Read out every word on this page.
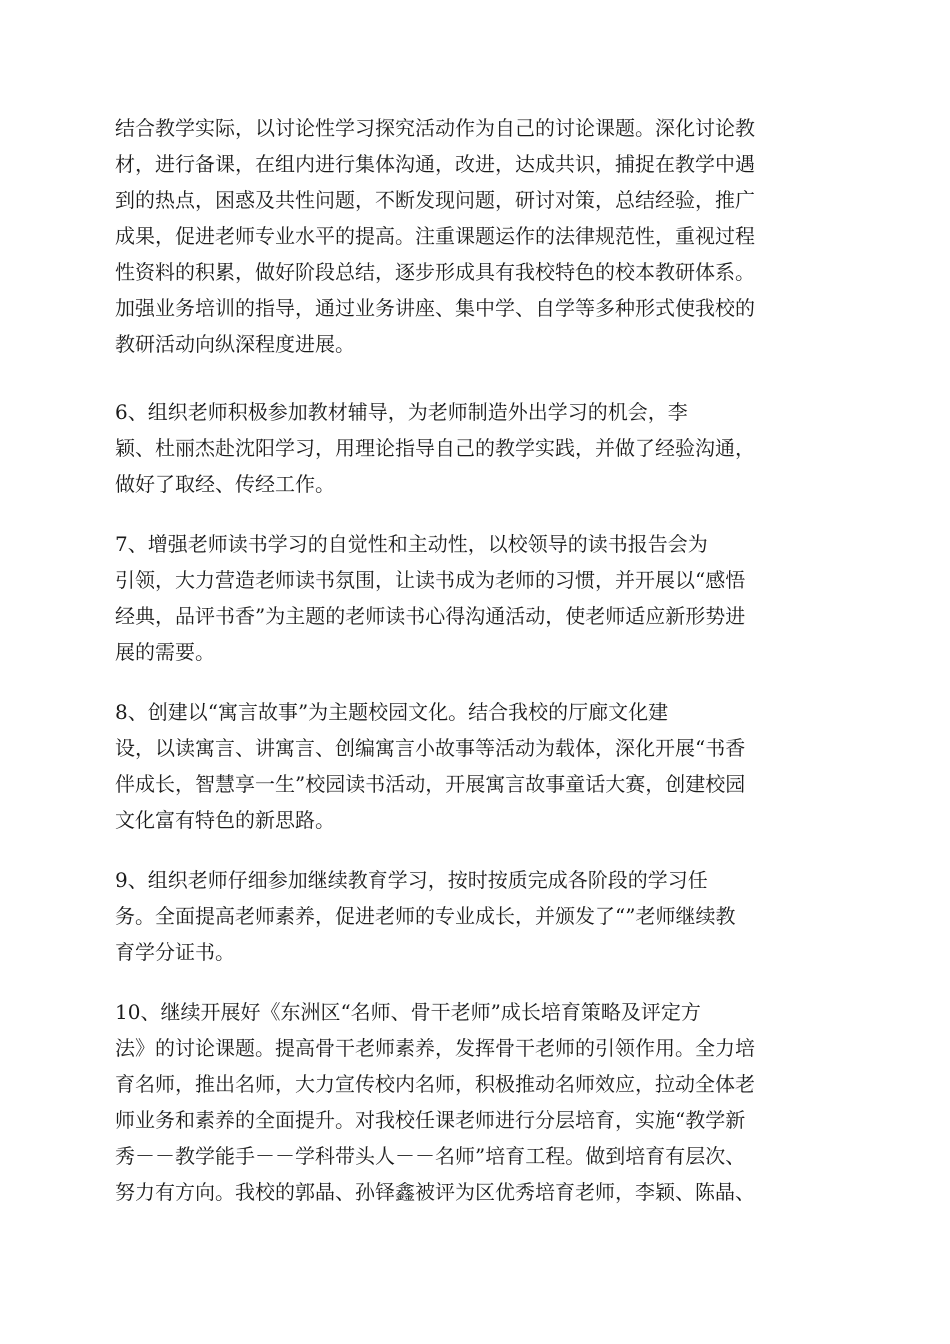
结合教学实际，以讨论性学习探究活动作为自己的讨论课题。深化讨论教
材，进行备课，在组内进行集体沟通，改进，达成共识，捕捉在教学中遇
到的热点，困惑及共性问题，不断发现问题，研讨对策，总结经验，推广
成果，促进老师专业水平的提高。注重课题运作的法律规范性，重视过程
性资料的积累，做好阶段总结，逐步形成具有我校特色的校本教研体系。
加强业务培训的指导，通过业务讲座、集中学、自学等多种形式使我校的
教研活动向纵深程度进展。

6、组织老师积极参加教材辅导，为老师制造外出学习的机会，李
颖、杜丽杰赴沈阳学习，用理论指导自己的教学实践，并做了经验沟通，
做好了取经、传经工作。

7、增强老师读书学习的自觉性和主动性，以校领导的读书报告会为
引领，大力营造老师读书氛围，让读书成为老师的习惯，并开展以“感悟
经典，品评书香”为主题的老师读书心得沟通活动，使老师适应新形势进
展的需要。

8、创建以“寓言故事”为主题校园文化。结合我校的厅廊文化建
设，以读寓言、讲寓言、创编寓言小故事等活动为载体，深化开展“书香
伴成长，智慧享一生”校园读书活动，开展寓言故事童话大赛，创建校园
文化富有特色的新思路。

9、组织老师仔细参加继续教育学习，按时按质完成各阶段的学习任
务。全面提高老师素养，促进老师的专业成长，并颁发了“”老师继续教
育学分证书。

10、继续开展好《东洲区“名师、骨干老师”成长培育策略及评定方
法》的讨论课题。提高骨干老师素养，发挥骨干老师的引领作用。全力培
育名师，推出名师，大力宣传校内名师，积极推动名师效应，拉动全体老
师业务和素养的全面提升。对我校任课老师进行分层培育，实施“教学新
秀－－教学能手－－学科带头人－－名师”培育工程。做到培育有层次、
努力有方向。我校的郭晶、孙铎鑫被评为区优秀培育老师，李颖、陈晶、
